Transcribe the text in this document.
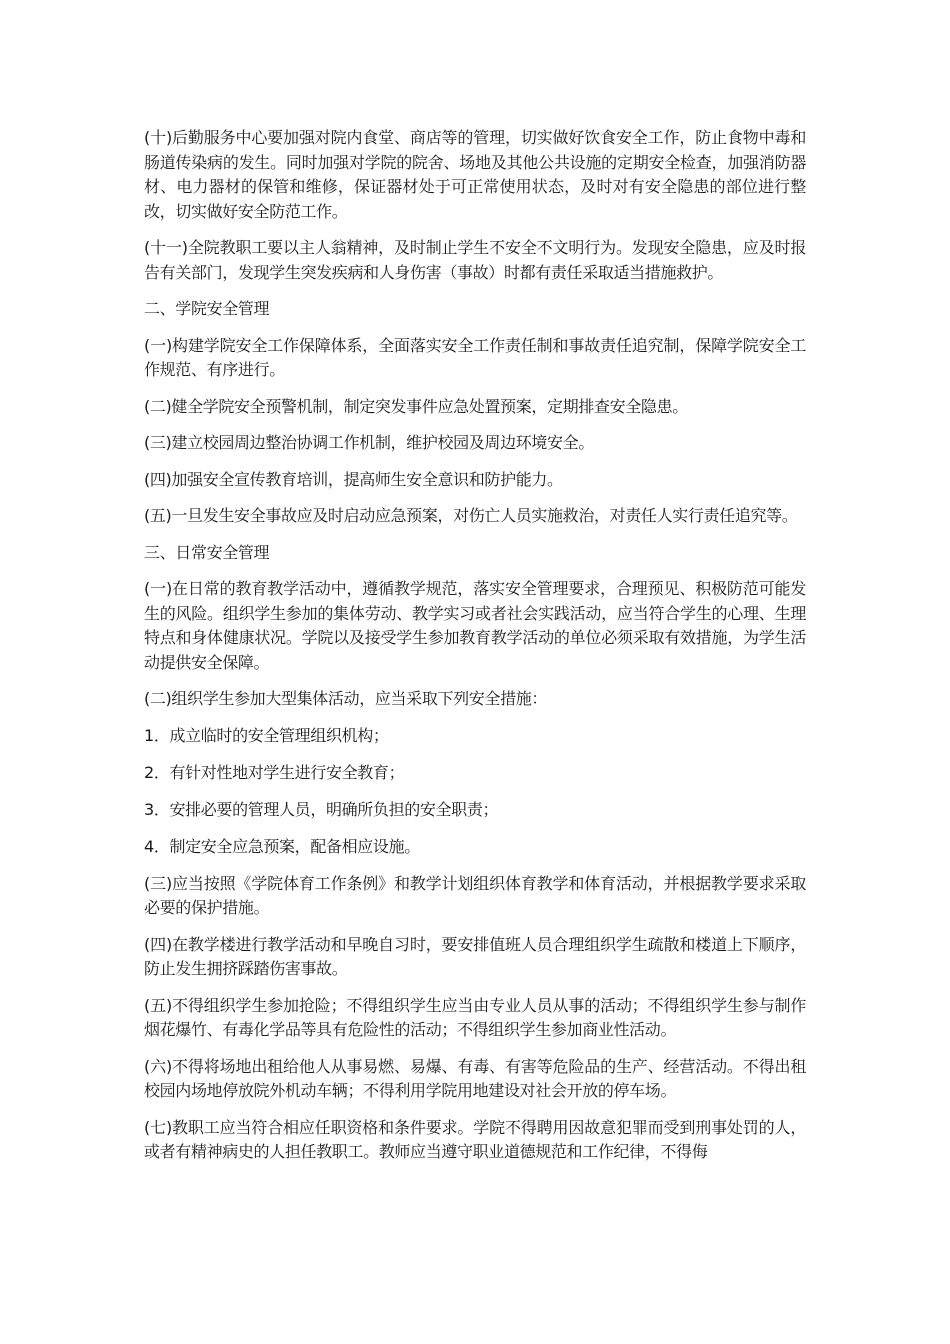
(十)后勤服务中心要加强对院内食堂、商店等的管理，切实做好饮食安全工作，防止食物中毒和肠道传染病的发生。同时加强对学院的院舍、场地及其他公共设施的定期安全检查，加强消防器材、电力器材的保管和维修，保证器材处于可正常使用状态，及时对有安全隐患的部位进行整改，切实做好安全防范工作。

(十一)全院教职工要以主人翁精神，及时制止学生不安全不文明行为。发现安全隐患，应及时报告有关部门，发现学生突发疾病和人身伤害（事故）时都有责任采取适当措施救护。

二、学院安全管理

(一)构建学院安全工作保障体系，全面落实安全工作责任制和事故责任追究制，保障学院安全工作规范、有序进行。

(二)健全学院安全预警机制，制定突发事件应急处置预案，定期排查安全隐患。

(三)建立校园周边整治协调工作机制，维护校园及周边环境安全。

(四)加强安全宣传教育培训，提高师生安全意识和防护能力。

(五)一旦发生安全事故应及时启动应急预案，对伤亡人员实施救治，对责任人实行责任追究等。

三、日常安全管理

(一)在日常的教育教学活动中，遵循教学规范，落实安全管理要求，合理预见、积极防范可能发生的风险。组织学生参加的集体劳动、教学实习或者社会实践活动，应当符合学生的心理、生理特点和身体健康状况。学院以及接受学生参加教育教学活动的单位必须采取有效措施，为学生活动提供安全保障。

(二)组织学生参加大型集体活动，应当采取下列安全措施：

1．成立临时的安全管理组织机构；

2．有针对性地对学生进行安全教育；

3．安排必要的管理人员，明确所负担的安全职责；

4．制定安全应急预案，配备相应设施。

(三)应当按照《学院体育工作条例》和教学计划组织体育教学和体育活动，并根据教学要求采取必要的保护措施。

(四)在教学楼进行教学活动和早晚自习时，要安排值班人员合理组织学生疏散和楼道上下顺序，防止发生拥挤踩踏伤害事故。

(五)不得组织学生参加抢险；不得组织学生应当由专业人员从事的活动；不得组织学生参与制作烟花爆竹、有毒化学品等具有危险性的活动；不得组织学生参加商业性活动。

(六)不得将场地出租给他人从事易燃、易爆、有毒、有害等危险品的生产、经营活动。不得出租校园内场地停放院外机动车辆；不得利用学院用地建设对社会开放的停车场。

(七)教职工应当符合相应任职资格和条件要求。学院不得聘用因故意犯罪而受到刑事处罚的人，或者有精神病史的人担任教职工。教师应当遵守职业道德规范和工作纪律，不得侮
